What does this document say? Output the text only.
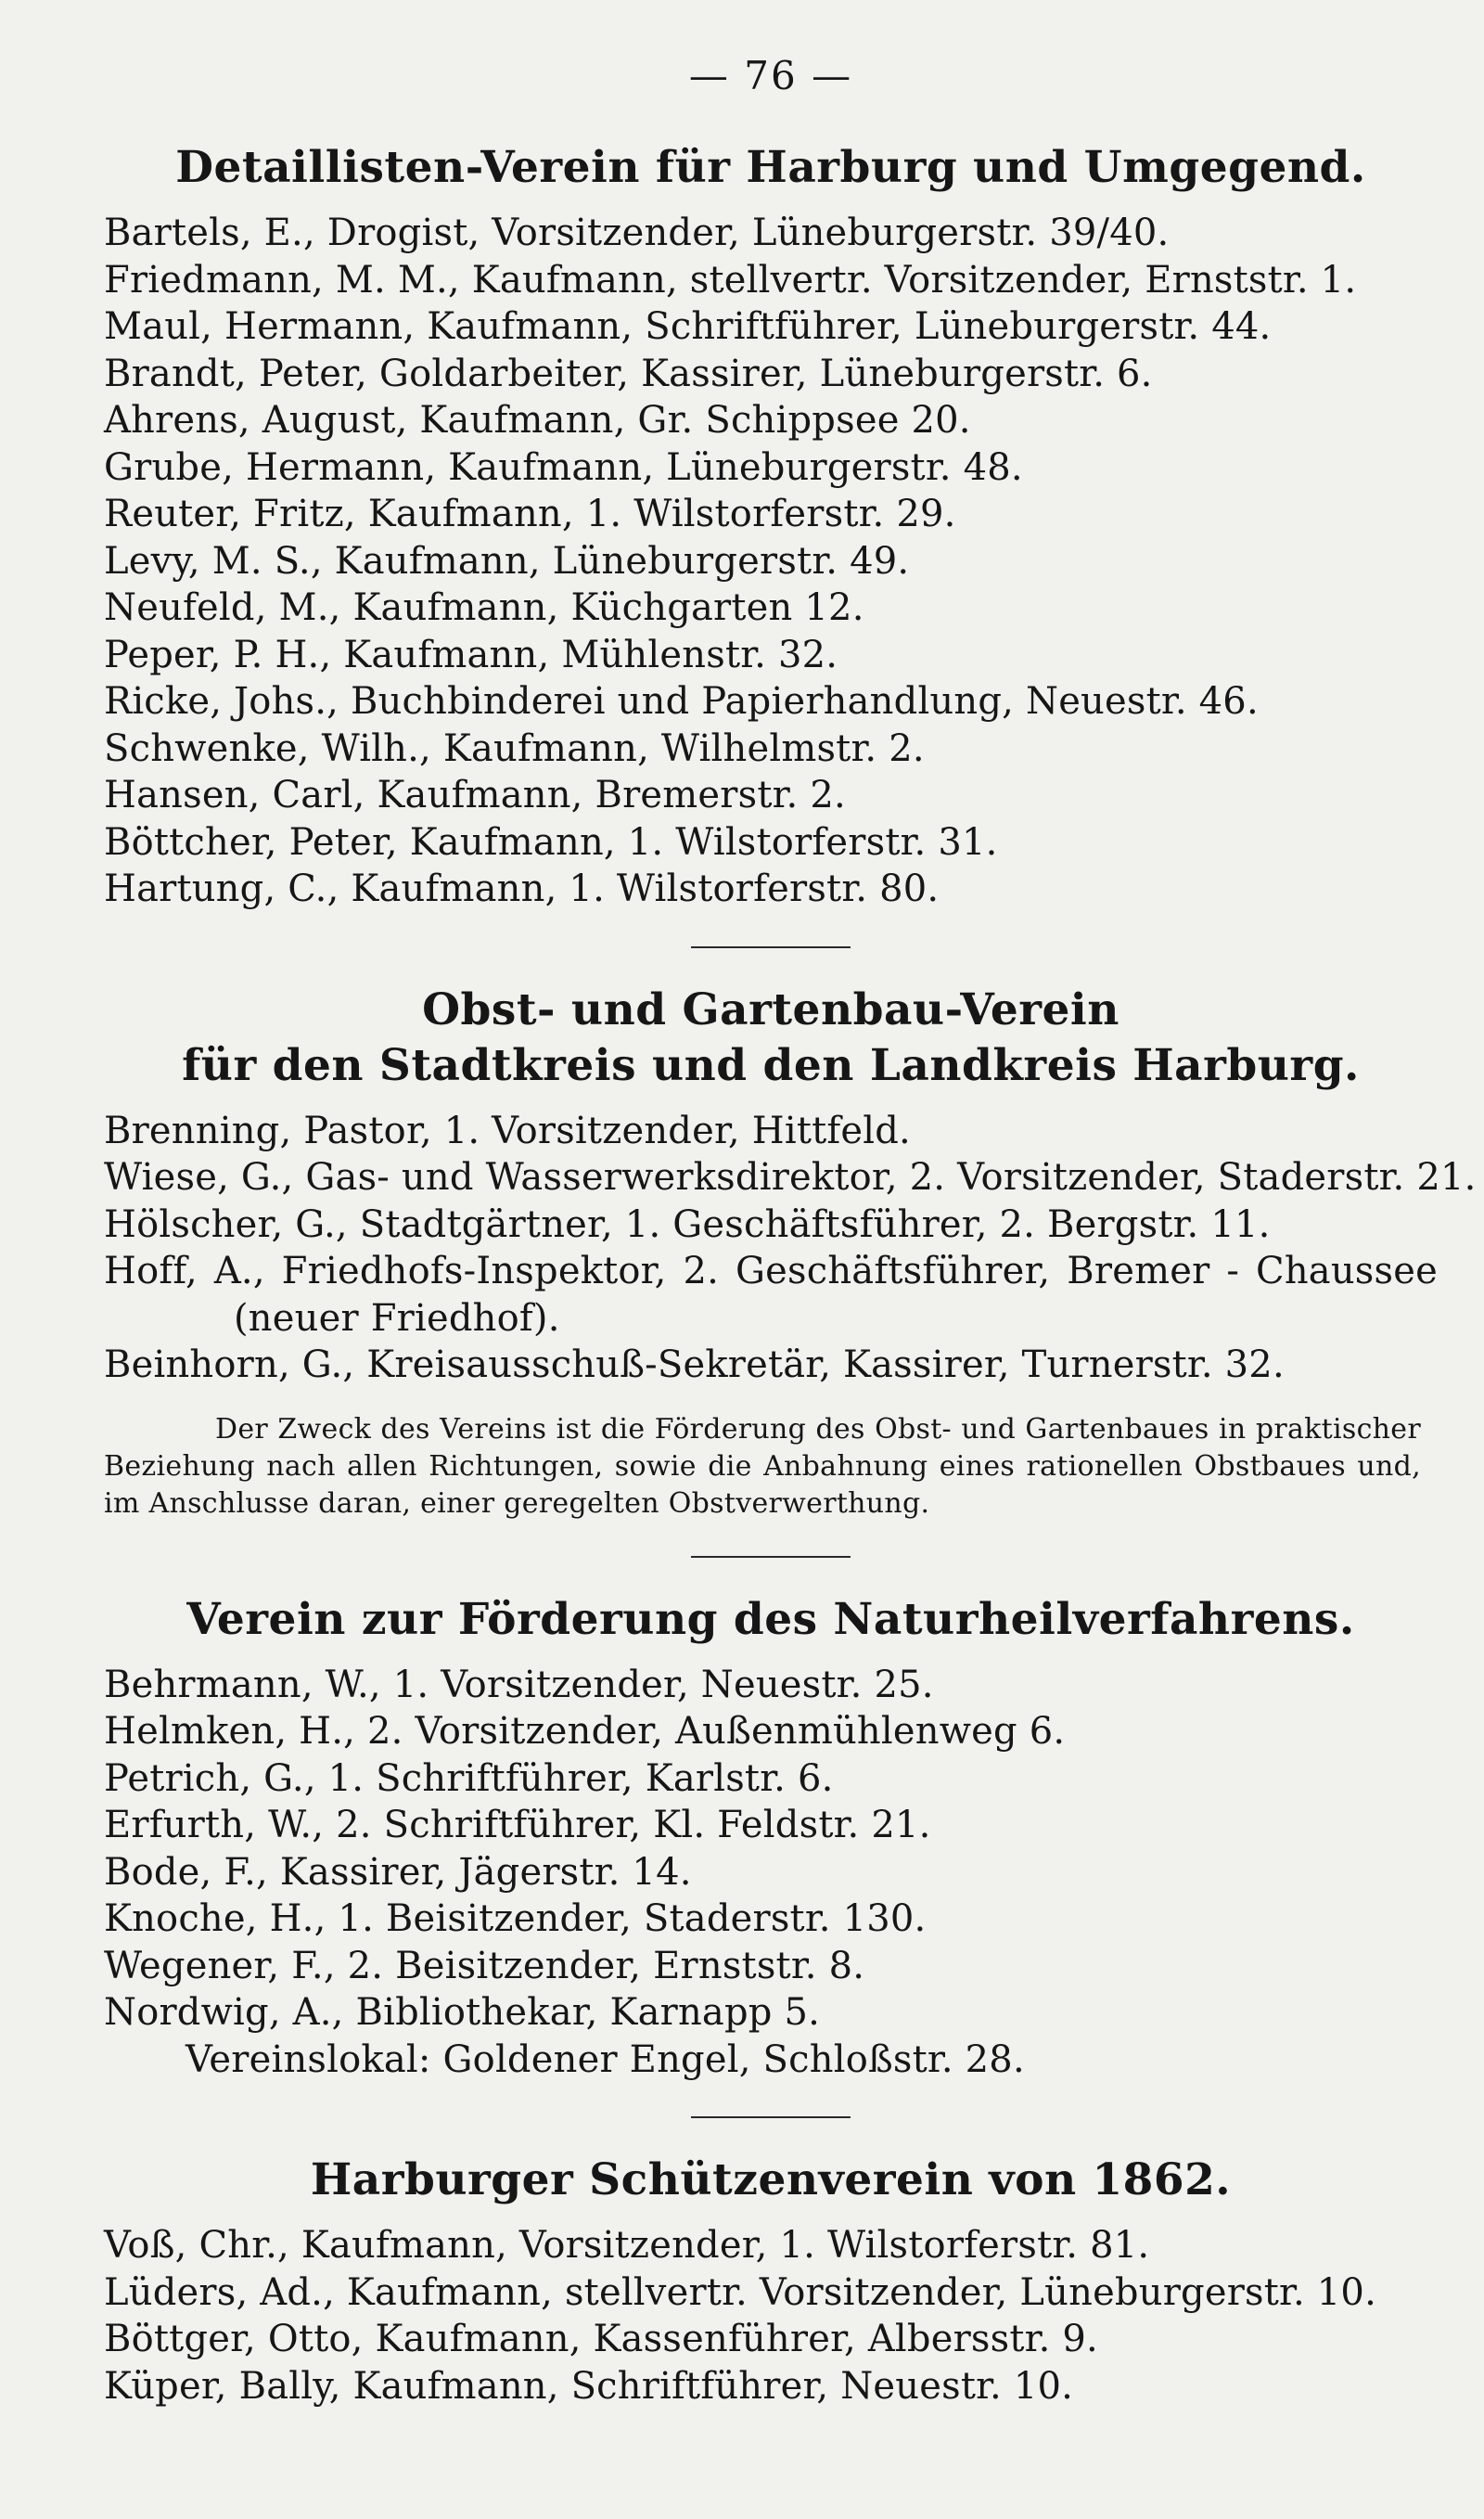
— 76 —
Detaillisten-Verein für Harburg und Umgegend.
Bartels, E., Drogist, Vorsitzender, Lüneburgerstr. 39/40.
Friedmann, M. M., Kaufmann, stellvertr. Vorsitzender, Ernststr. 1.
Maul, Hermann, Kaufmann, Schriftführer, Lüneburgerstr. 44.
Brandt, Peter, Goldarbeiter, Kassirer, Lüneburgerstr. 6.
Ahrens, August, Kaufmann, Gr. Schippsee 20.
Grube, Hermann, Kaufmann, Lüneburgerstr. 48.
Reuter, Fritz, Kaufmann, 1. Wilstorferstr. 29.
Levy, M. S., Kaufmann, Lüneburgerstr. 49.
Neufeld, M., Kaufmann, Küchgarten 12.
Peper, P. H., Kaufmann, Mühlenstr. 32.
Ricke, Johs., Buchbinderei und Papierhandlung, Neuestr. 46.
Schwenke, Wilh., Kaufmann, Wilhelmstr. 2.
Hansen, Carl, Kaufmann, Bremerstr. 2.
Böttcher, Peter, Kaufmann, 1. Wilstorferstr. 31.
Hartung, C., Kaufmann, 1. Wilstorferstr. 80.
Obst- und Gartenbau-Verein
für den Stadtkreis und den Landkreis Harburg.
Brenning, Pastor, 1. Vorsitzender, Hittfeld.
Wiese, G., Gas- und Wasserwerksdirektor, 2. Vorsitzender, Staderstr. 21.
Hölscher, G., Stadtgärtner, 1. Geschäftsführer, 2. Bergstr. 11.
Hoff, A., Friedhofs-Inspektor, 2. Geschäftsführer, Bremer - Chaussee
(neuer Friedhof).
Beinhorn, G., Kreisausschuß-Sekretär, Kassirer, Turnerstr. 32.

Der Zweck des Vereins ist die Förderung des Obst- und Gartenbaues in praktischer Beziehung nach allen Richtungen, sowie die Anbahnung eines rationellen Obstbaues und, im Anschlusse daran, einer geregelten Obstverwerthung.

Verein zur Förderung des Naturheilverfahrens.
Behrmann, W., 1. Vorsitzender, Neuestr. 25.
Helmken, H., 2. Vorsitzender, Außenmühlenweg 6.
Petrich, G., 1. Schriftführer, Karlstr. 6.
Erfurth, W., 2. Schriftführer, Kl. Feldstr. 21.
Bode, F., Kassirer, Jägerstr. 14.
Knoche, H., 1. Beisitzender, Staderstr. 130.
Wegener, F., 2. Beisitzender, Ernststr. 8.
Nordwig, A., Bibliothekar, Karnapp 5.
Vereinslokal: Goldener Engel, Schloßstr. 28.
Harburger Schützenverein von 1862.
Voß, Chr., Kaufmann, Vorsitzender, 1. Wilstorferstr. 81.
Lüders, Ad., Kaufmann, stellvertr. Vorsitzender, Lüneburgerstr. 10.
Böttger, Otto, Kaufmann, Kassenführer, Albersstr. 9.
Küper, Bally, Kaufmann, Schriftführer, Neuestr. 10.
